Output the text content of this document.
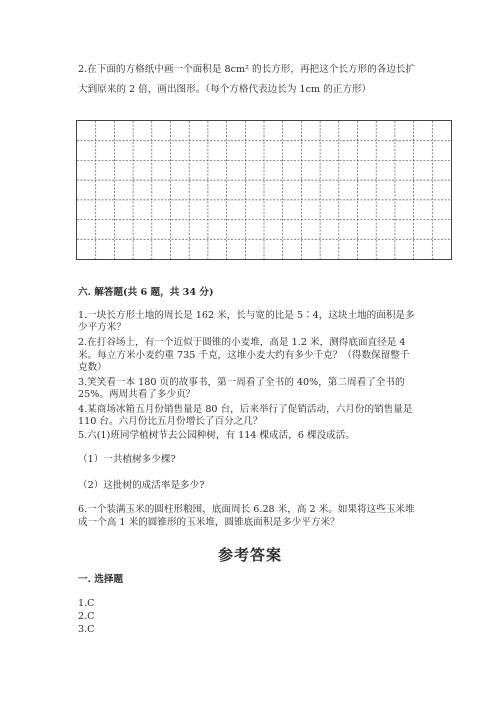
2.在下面的方格纸中画一个面积是 8cm² 的长方形，再把这个长方形的各边长扩
大到原来的 2 倍，画出图形。（每个方格代表边长为 1cm 的正方形）
六. 解答题(共 6 题，共 34 分)
1.一块长方形土地的周长是 162 米，长与宽的比是 5∶4，这块土地的面积是多
少平方米？
2.在打谷场上，有一个近似于圆锥的小麦堆，高是 1.2 米，测得底面直径是 4
米。每立方米小麦约重 735 千克，这堆小麦大约有多少千克？（得数保留整千
克数）
3.笑笑看一本 180 页的故事书，第一周看了全书的 40%，第二周看了全书的
25%。两周共看了多少页？
4.某商场冰箱五月份销售量是 80 台，后来举行了促销活动，六月份的销售量是
110 台。六月份比五月份增长了百分之几？
5.六(1)班同学植树节去公园种树，有 114 棵成活，6 棵没成活。
（1）一共植树多少棵?
（2）这批树的成活率是多少?
6.一个装满玉米的圆柱形粮囤，底面周长 6.28 米，高 2 米。如果将这些玉米堆
成一个高 1 米的圆锥形的玉米堆，圆锥底面积是多少平方米？
参考答案
一. 选择题
1.C
2.C
3.C
